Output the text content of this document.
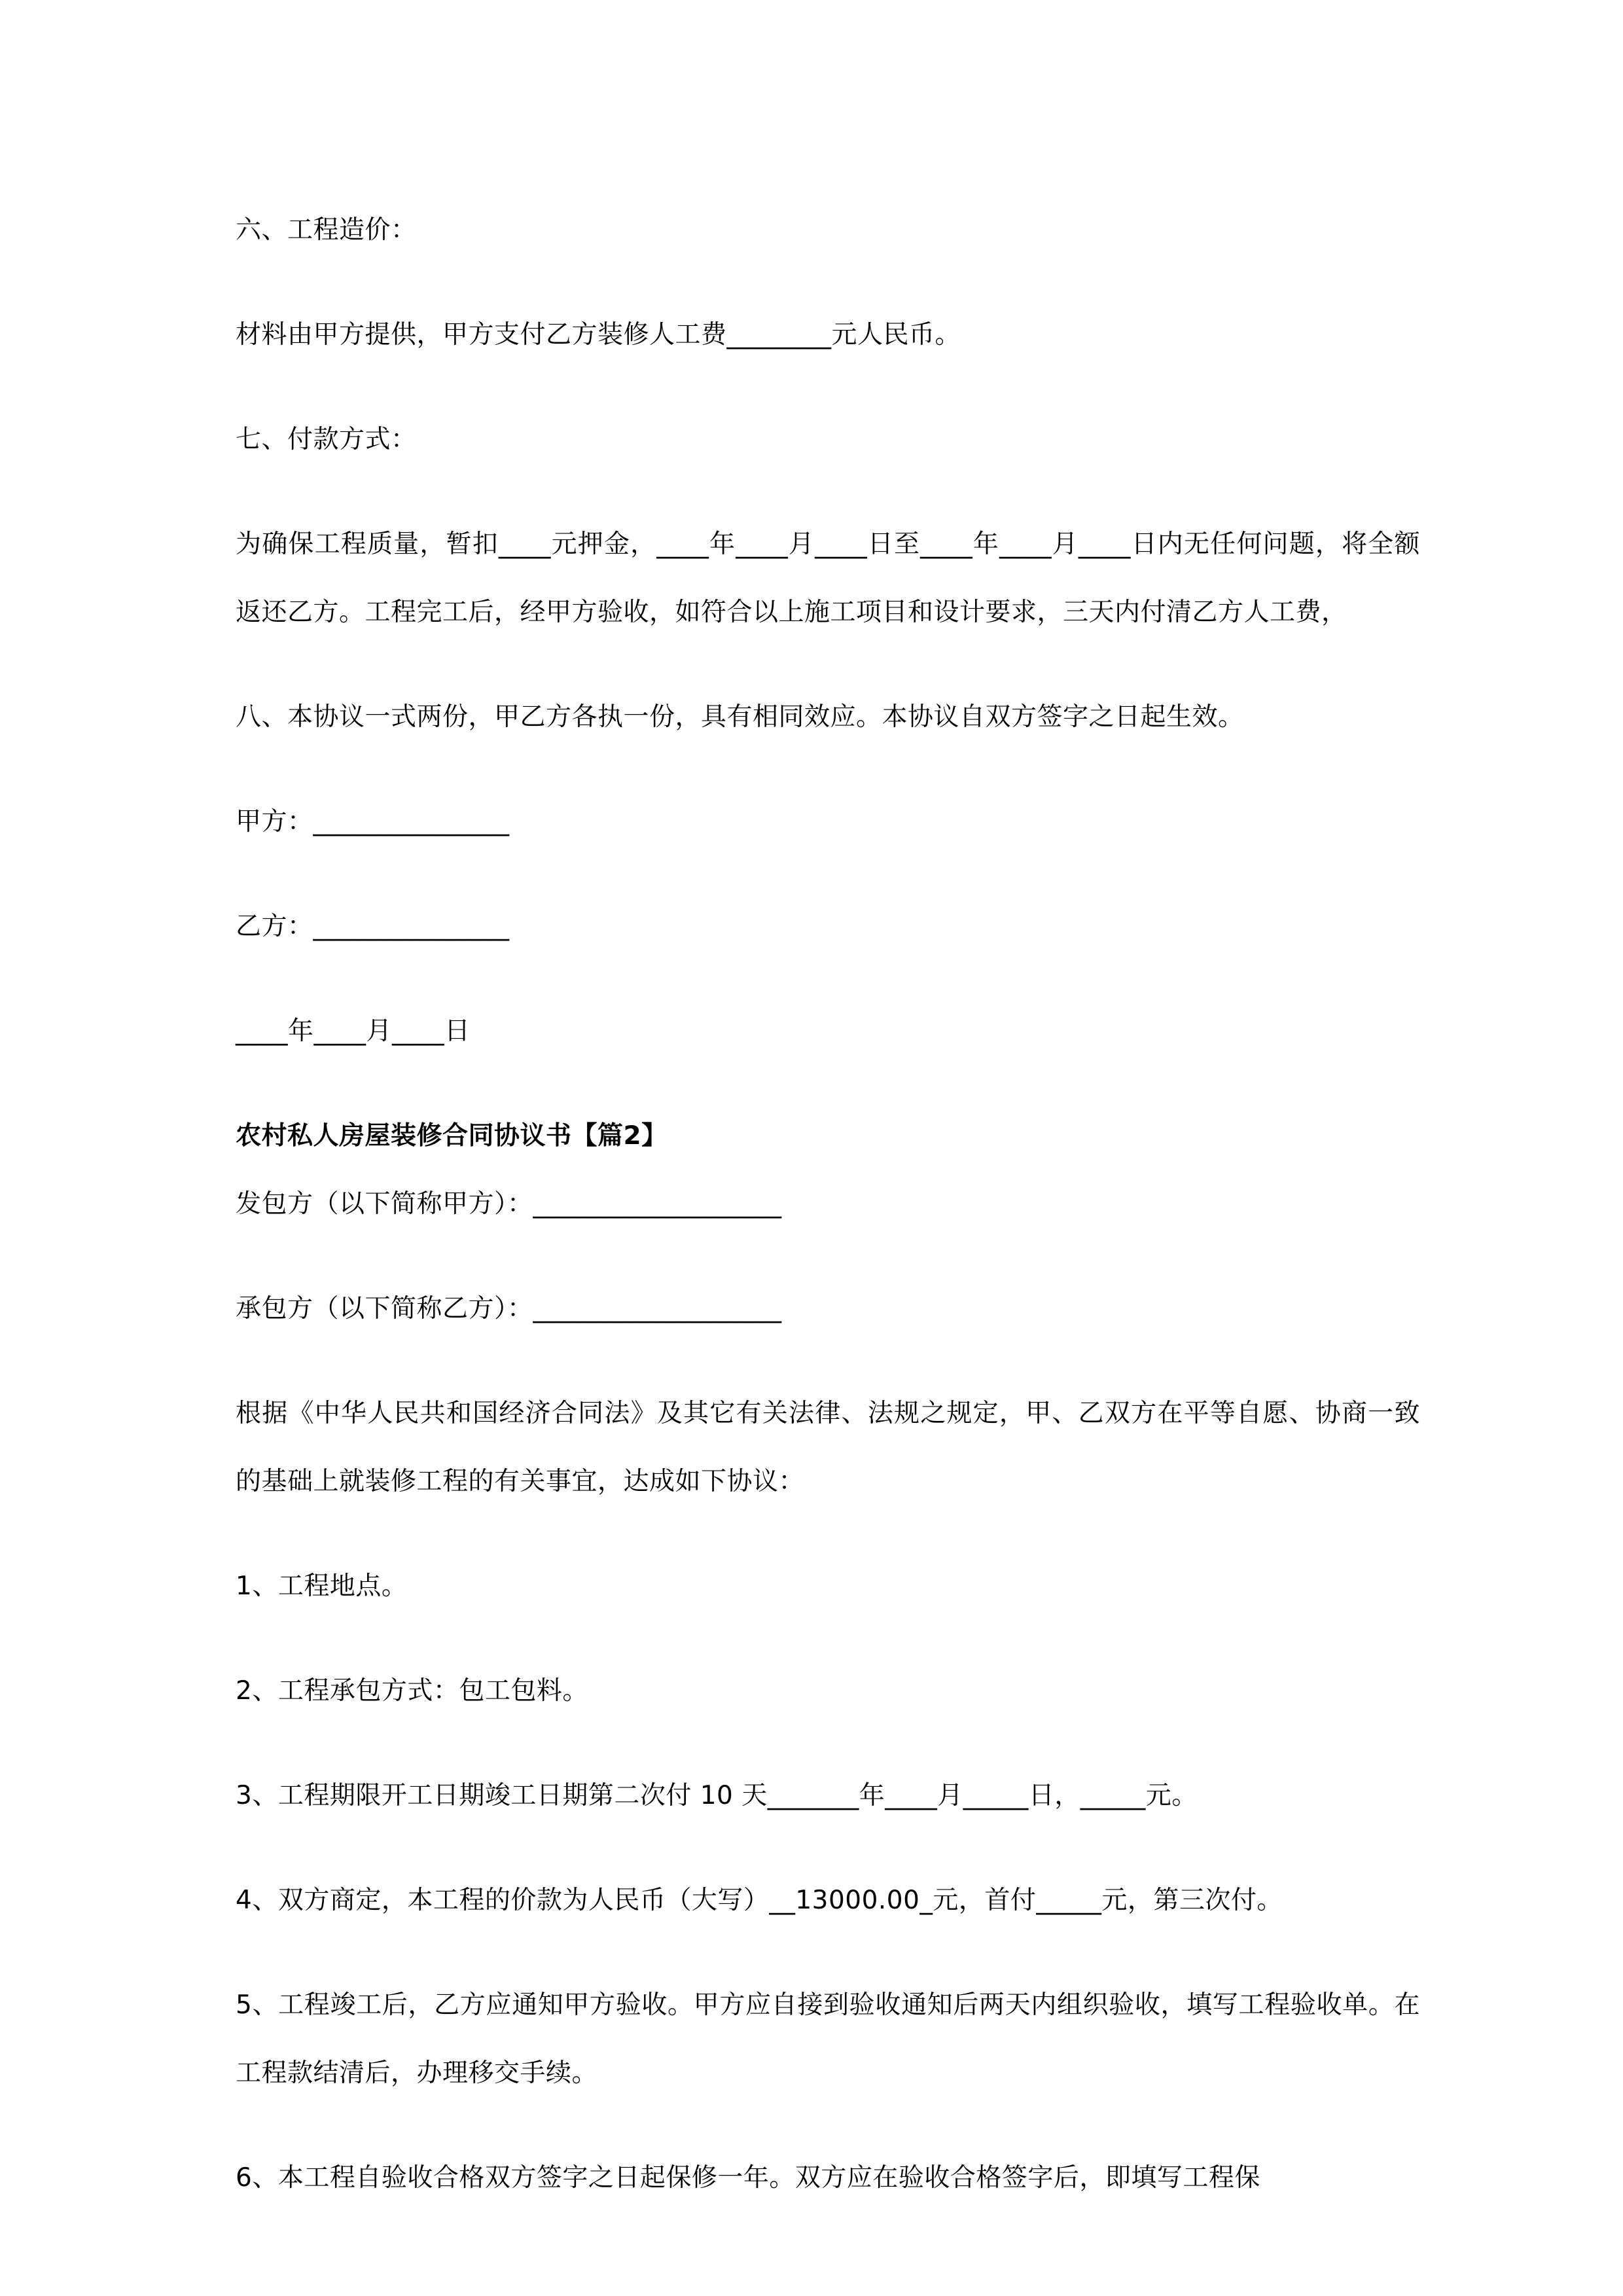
六、工程造价：

材料由甲方提供，甲方支付乙方装修人工费________元人民币。

七、付款方式：

为确保工程质量，暂扣____元押金，____年____月____日至____年____月____日内无任何问题，将全额返还乙方。工程完工后，经甲方验收，如符合以上施工项目和设计要求，三天内付清乙方人工费，

八、本协议一式两份，甲乙方各执一份，具有相同效应。本协议自双方签字之日起生效。

甲方：_______________

乙方：_______________

____年____月____日

农村私人房屋装修合同协议书【篇2】

发包方（以下简称甲方）：___________________

承包方（以下简称乙方）：___________________

根据《中华人民共和国经济合同法》及其它有关法律、法规之规定，甲、乙双方在平等自愿、协商一致的基础上就装修工程的有关事宜，达成如下协议：

1、工程地点。

2、工程承包方式：包工包料。

3、工程期限开工日期竣工日期第二次付 10 天_______年____月_____日，_____元。

4、双方商定，本工程的价款为人民币（大写）__13000.00_元，首付_____元，第三次付。

5、工程竣工后，乙方应通知甲方验收。甲方应自接到验收通知后两天内组织验收，填写工程验收单。在工程款结清后，办理移交手续。

6、本工程自验收合格双方签字之日起保修一年。双方应在验收合格签字后，即填写工程保
